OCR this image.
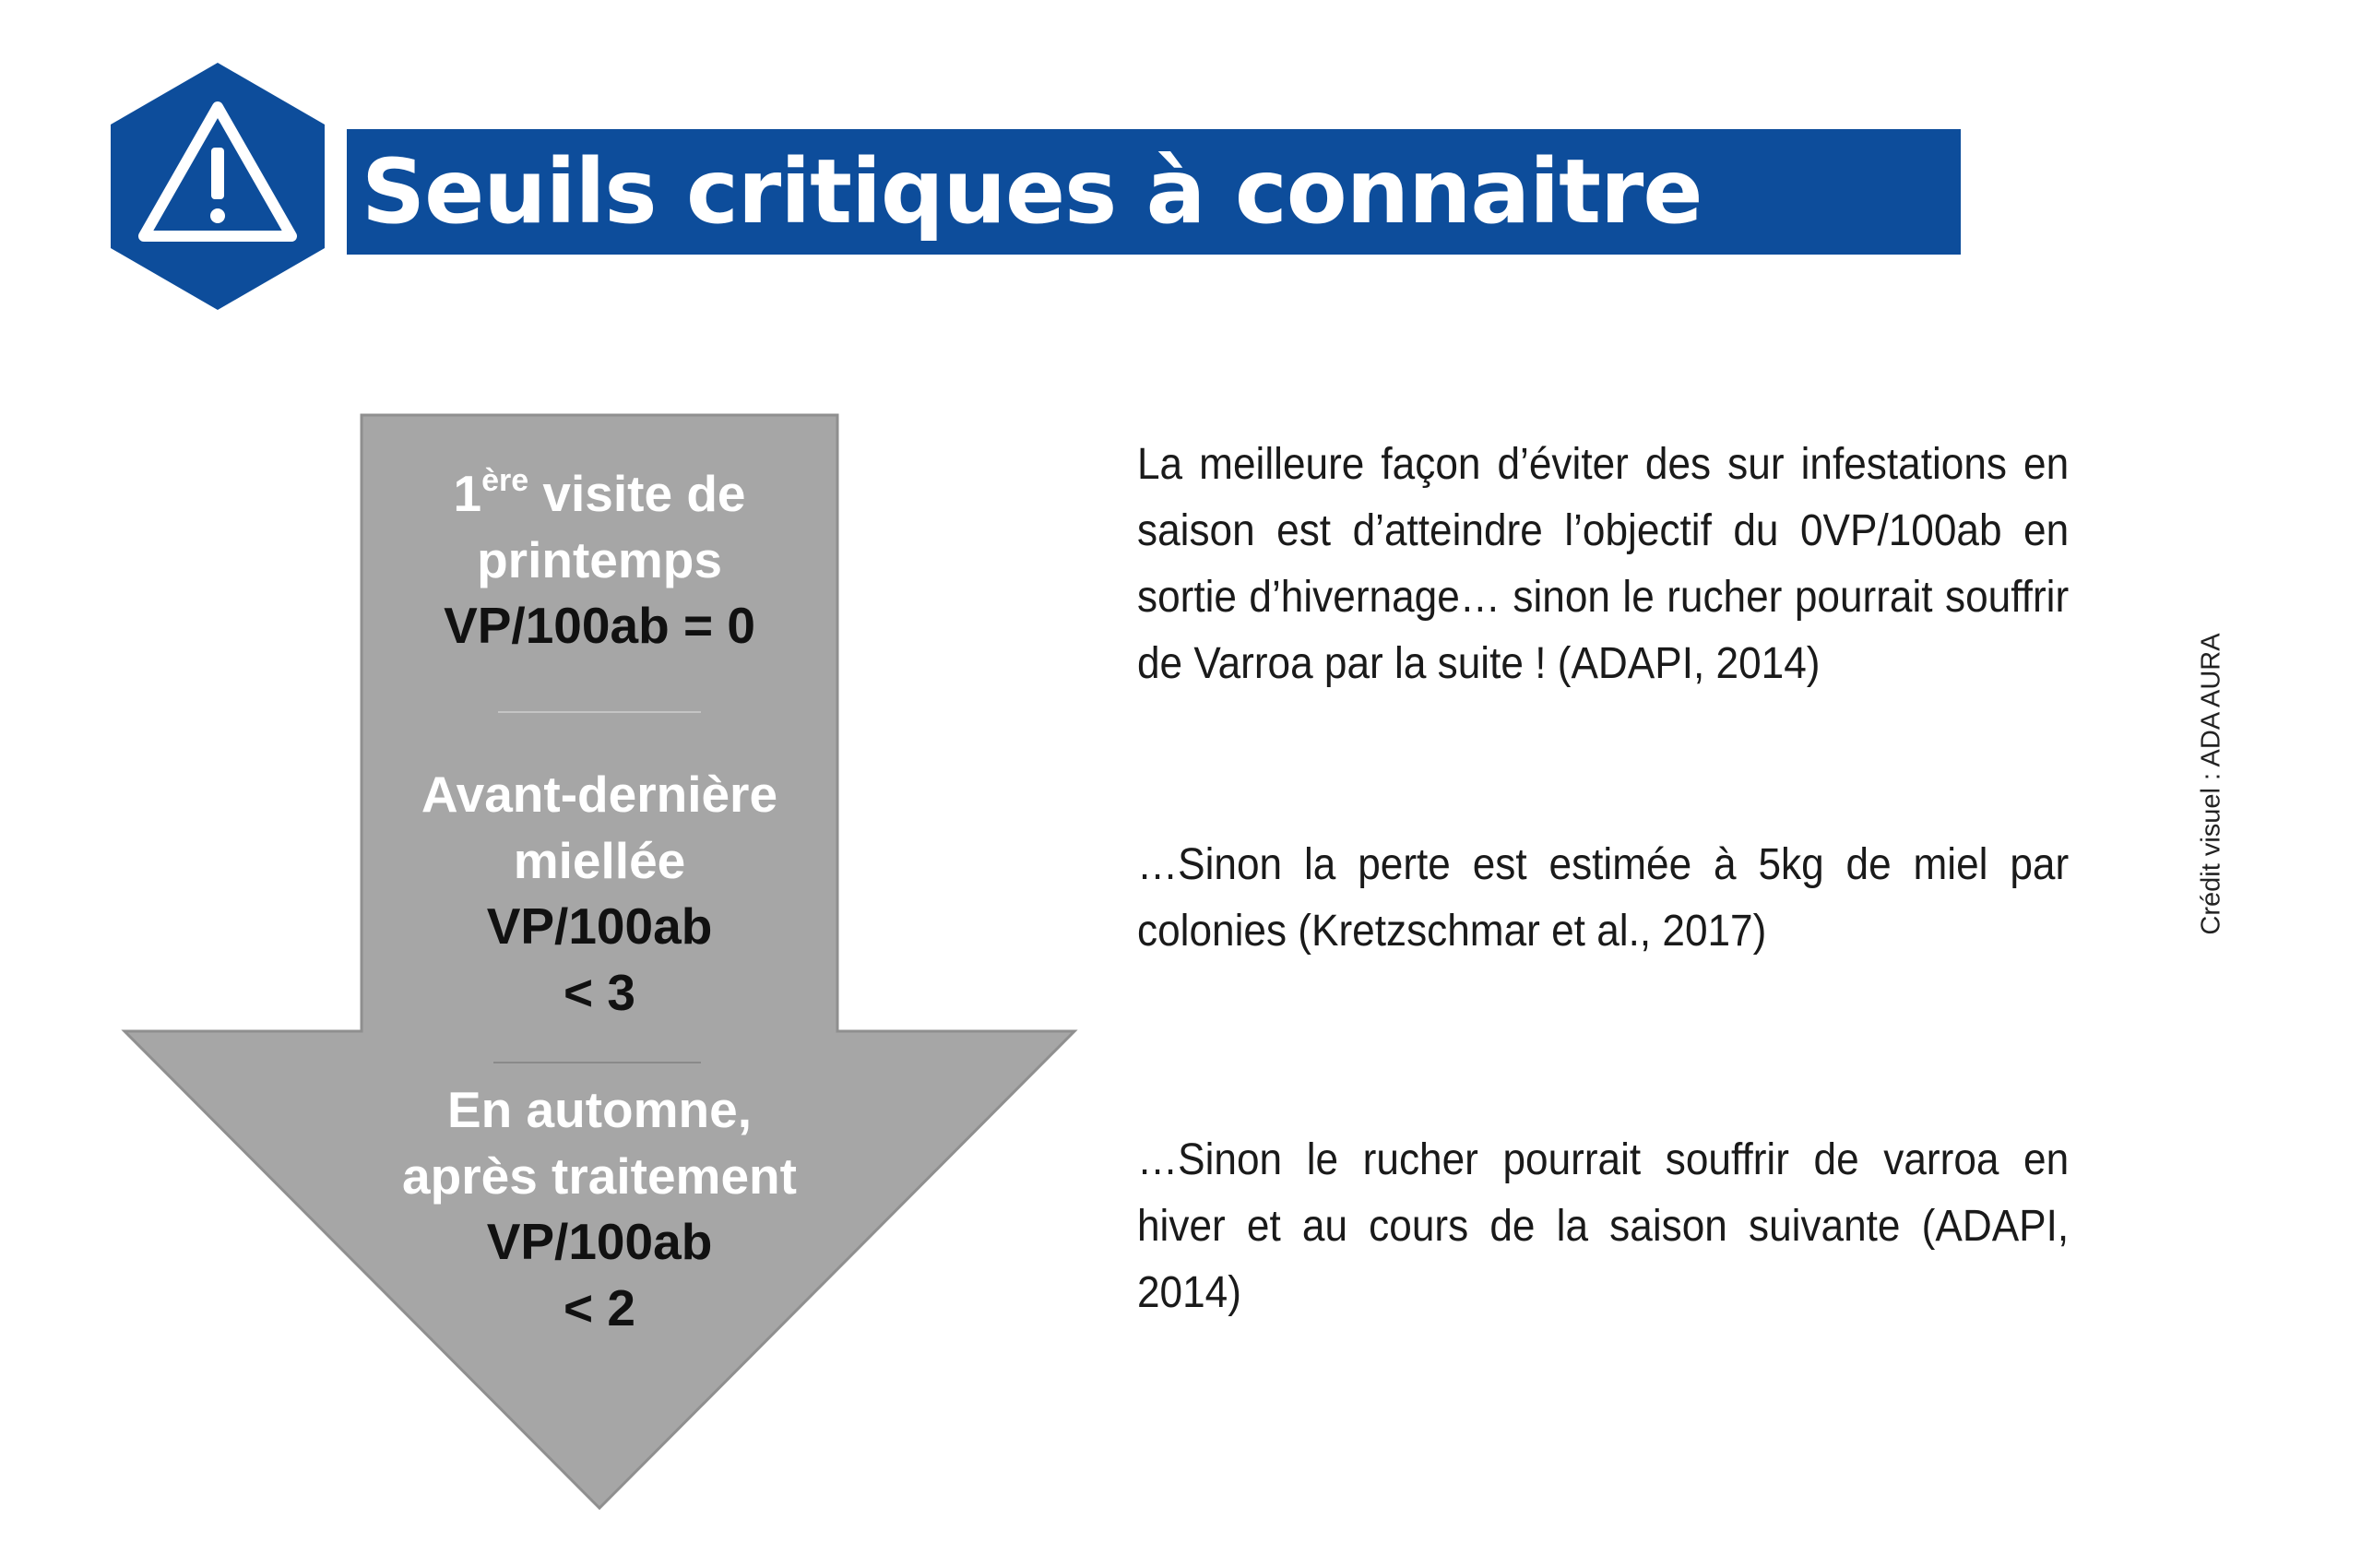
Seuils critiques à connaitre
1ère visite de
printemps
VP/100ab = 0
Avant-dernière
miellée
VP/100ab
< 3
En automne,
après traitement
VP/100ab
< 2
La meilleure façon d’éviter des sur infestations en saison est d’atteindre l’objectif du 0VP/100ab en sortie d’hivernage… sinon le rucher pourrait souffrir de Varroa par la suite ! (ADAPI, 2014)
…Sinon la perte est estimée à 5kg de miel par colonies (Kretzschmar et al., 2017)
…Sinon le rucher pourrait souffrir de varroa en hiver et au cours de la saison suivante (ADAPI, 2014)
Crédit visuel : ADA AURA
